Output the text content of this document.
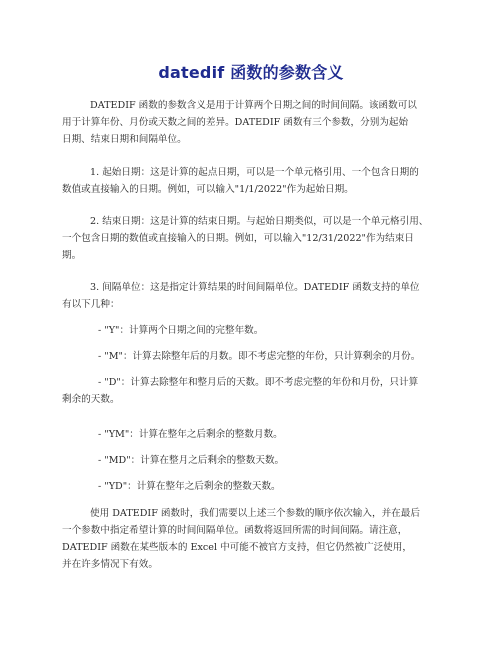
datedif 函数的参数含义
DATEDIF 函数的参数含义是用于计算两个日期之间的时间间隔。该函数可以
用于计算年份、月份或天数之间的差异。DATEDIF 函数有三个参数，分别为起始
日期、结束日期和间隔单位。
1. 起始日期：这是计算的起点日期，可以是一个单元格引用、一个包含日期的
数值或直接输入的日期。例如，可以输入"1/1/2022"作为起始日期。
2. 结束日期：这是计算的结束日期。与起始日期类似，可以是一个单元格引用、
一个包含日期的数值或直接输入的日期。例如，可以输入"12/31/2022"作为结束日
期。
3. 间隔单位：这是指定计算结果的时间间隔单位。DATEDIF 函数支持的单位
有以下几种：
- "Y"：计算两个日期之间的完整年数。
- "M"：计算去除整年后的月数。即不考虑完整的年份，只计算剩余的月份。
- "D"：计算去除整年和整月后的天数。即不考虑完整的年份和月份，只计算
剩余的天数。
- "YM"：计算在整年之后剩余的整数月数。
- "MD"：计算在整月之后剩余的整数天数。
- "YD"：计算在整年之后剩余的整数天数。
使用 DATEDIF 函数时，我们需要以上述三个参数的顺序依次输入，并在最后
一个参数中指定希望计算的时间间隔单位。函数将返回所需的时间间隔。请注意，
DATEDIF 函数在某些版本的 Excel 中可能不被官方支持，但它仍然被广泛使用，
并在许多情况下有效。
